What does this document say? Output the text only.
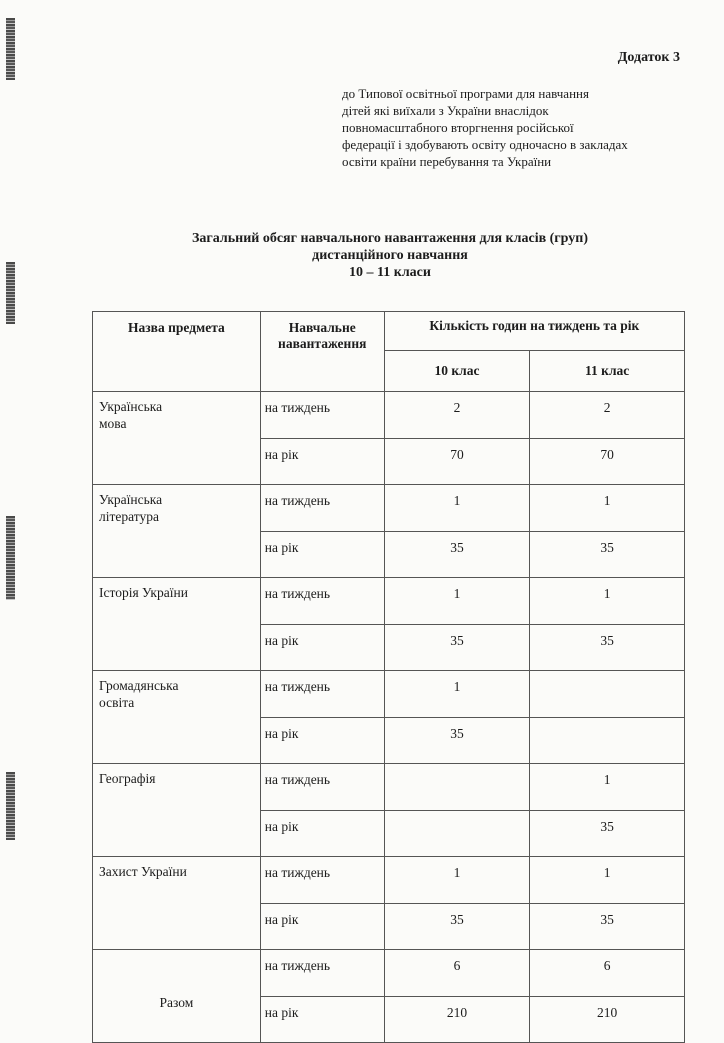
Додаток 3
до Типової освітньої програми для навчання
дітей які виїхали з України внаслідок
повномасштабного вторгнення російської
федерації і здобувають освіту одночасно в закладах
освіти країни перебування та України
Загальний обсяг навчального навантаження для класів (груп)
дистанційного навчання
10 – 11 класи
Назва предмета	Навчальне
навантаження	Кількість годин на тиждень та рік	
		10 клас	11 клас

Українська
мова	на тиждень	2	2
	на рік	70	70

Українська
література	на тиждень	1	1
	на рік	35	35

Історія України	на тиждень	1	1
	на рік	35	35

Громадянська
освіта	на тиждень	1	
	на рік	35	

Географія	на тиждень		1
	на рік		35

Захист України	на тиждень	1	1
	на рік	35	35
Разом	на тиждень	6	6
	на рік	210	210
